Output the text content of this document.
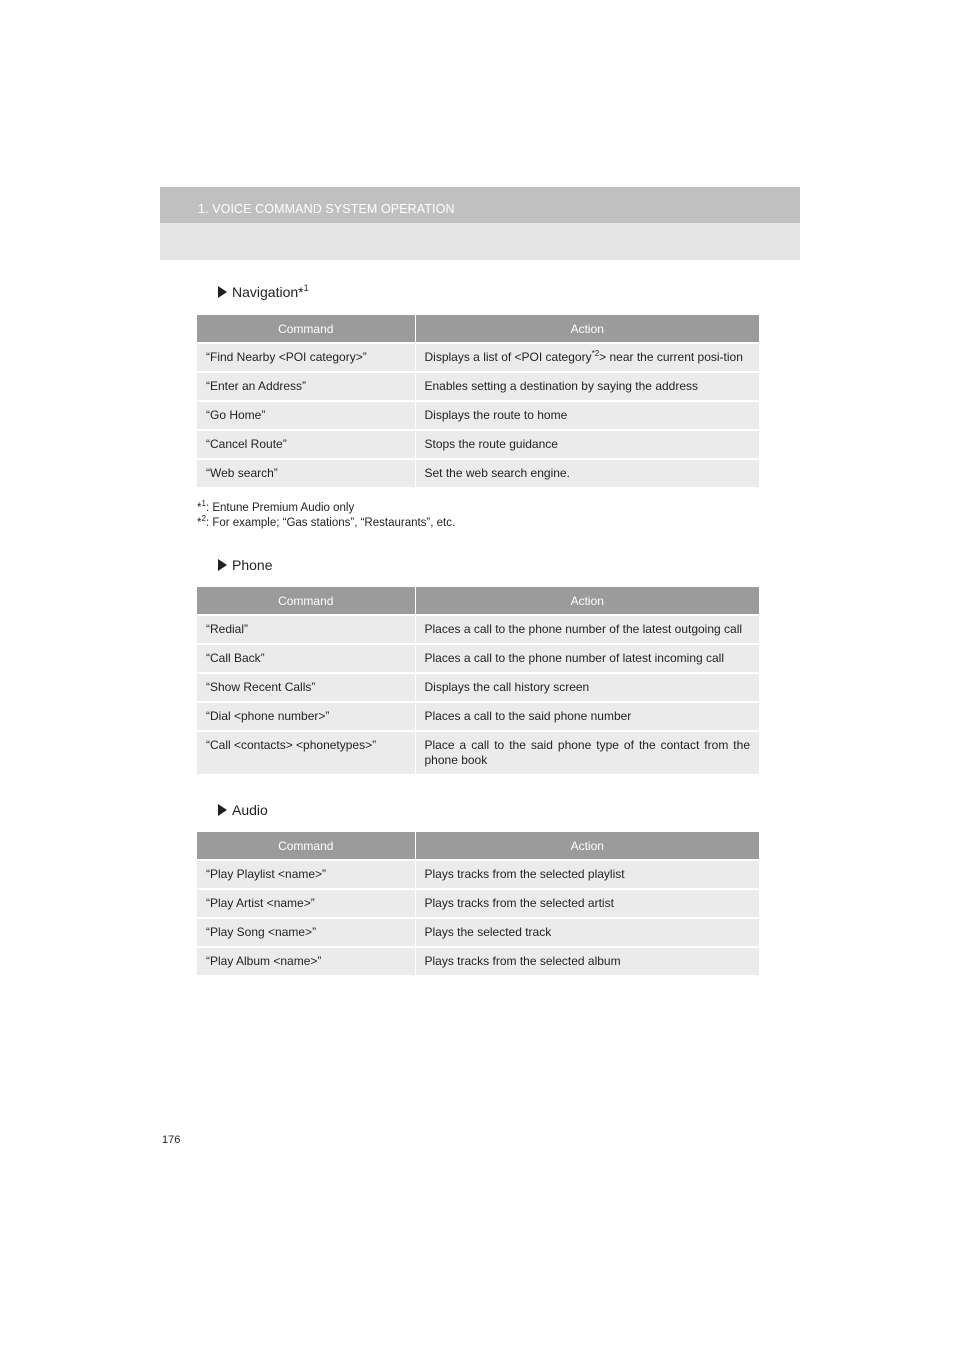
1. VOICE COMMAND SYSTEM OPERATION
Navigation*$^1$
Command	Action
“Find Nearby <POI category>”	Displays a list of <POI category$^{*2}$> near the current posi-tion
“Enter an Address”	Enables setting a destination by saying the address
“Go Home”	Displays the route to home
“Cancel Route”	Stops the route guidance
“Web search”	Set the web search engine.
*$^1$: Entune Premium Audio only
*$^2$: For example; “Gas stations”, “Restaurants”, etc.
Phone
Command	Action
“Redial”	Places a call to the phone number of the latest outgoing call
“Call Back”	Places a call to the phone number of latest incoming call
“Show Recent Calls”	Displays the call history screen
“Dial <phone number>”	Places a call to the said phone number
“Call <contacts> <phonetypes>”	Place a call to the said phone type of the contact from the phone book
Audio
Command	Action
“Play Playlist <name>”	Plays tracks from the selected playlist
“Play Artist <name>”	Plays tracks from the selected artist
“Play Song <name>”	Plays the selected track
“Play Album <name>”	Plays tracks from the selected album
176
